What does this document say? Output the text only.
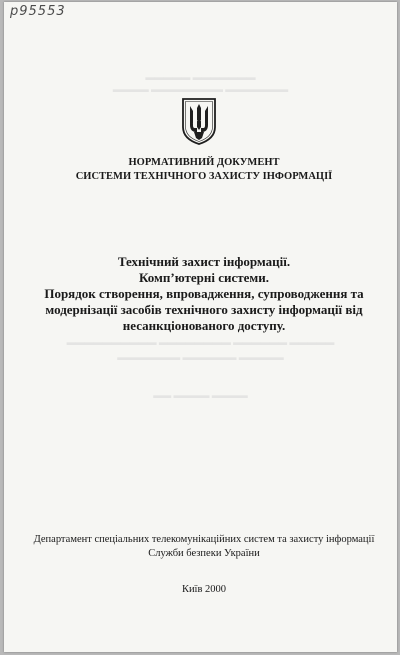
p95553
▬▬▬▬▬ ▬▬▬▬▬▬▬
▬▬▬▬ ▬▬▬▬▬▬▬▬ ▬▬▬▬▬▬▬
▬▬▬▬▬▬▬▬▬▬ ▬▬▬▬▬▬▬▬ ▬▬▬▬▬▬ ▬▬▬▬▬
▬▬▬▬▬▬▬ ▬▬▬▬▬▬ ▬▬▬▬▬
▬▬ ▬▬▬▬ ▬▬▬▬
НОРМАТИВНИЙ ДОКУМЕНТ
СИСТЕМИ ТЕХНІЧНОГО ЗАХИСТУ ІНФОРМАЦІЇ
Технічний захист інформації.
Комп’ютерні системи.
Порядок створення, впровадження, супроводження та
модернізації засобів технічного захисту інформації від
несанкціонованого доступу.
Департамент спеціальних телекомунікаційних систем та захисту інформації
Служби безпеки України
Київ 2000
